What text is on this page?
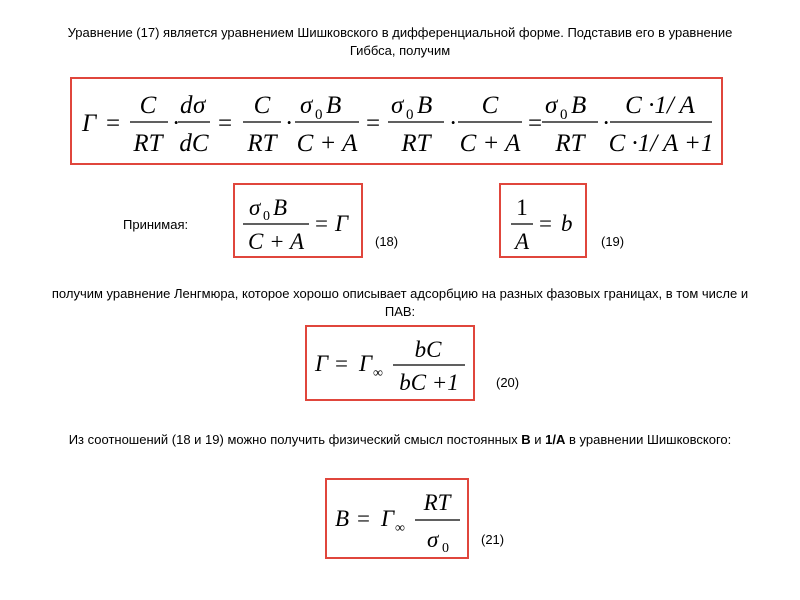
Уравнение (17) является уравнением Шишковского в дифференциальной форме. Подставив его в уравнение
Гиббса, получим
Г =
C
RT
·
d σ
dC
=
C
RT
·
σ 0 B
C + A
=
σ 0 B
RT
·
C
C + A
=
σ 0 B
RT
·
C ·1/ A
C ·1/ A +1
Принимая:
σ 0 B
C + A
= Г
(18)
1
A
= b
(19)
получим уравнение Ленгмюра, которое хорошо описывает адсорбцию на разных фазовых границах, в том числе и
ПАВ:
Г = Г ∞
bC
bC +1	(20)
Из соотношений (18 и 19) можно получить физический смысл постоянных B и 1/A в уравнении Шишковского:
B = Г ∞
RT
σ 0
(21)
